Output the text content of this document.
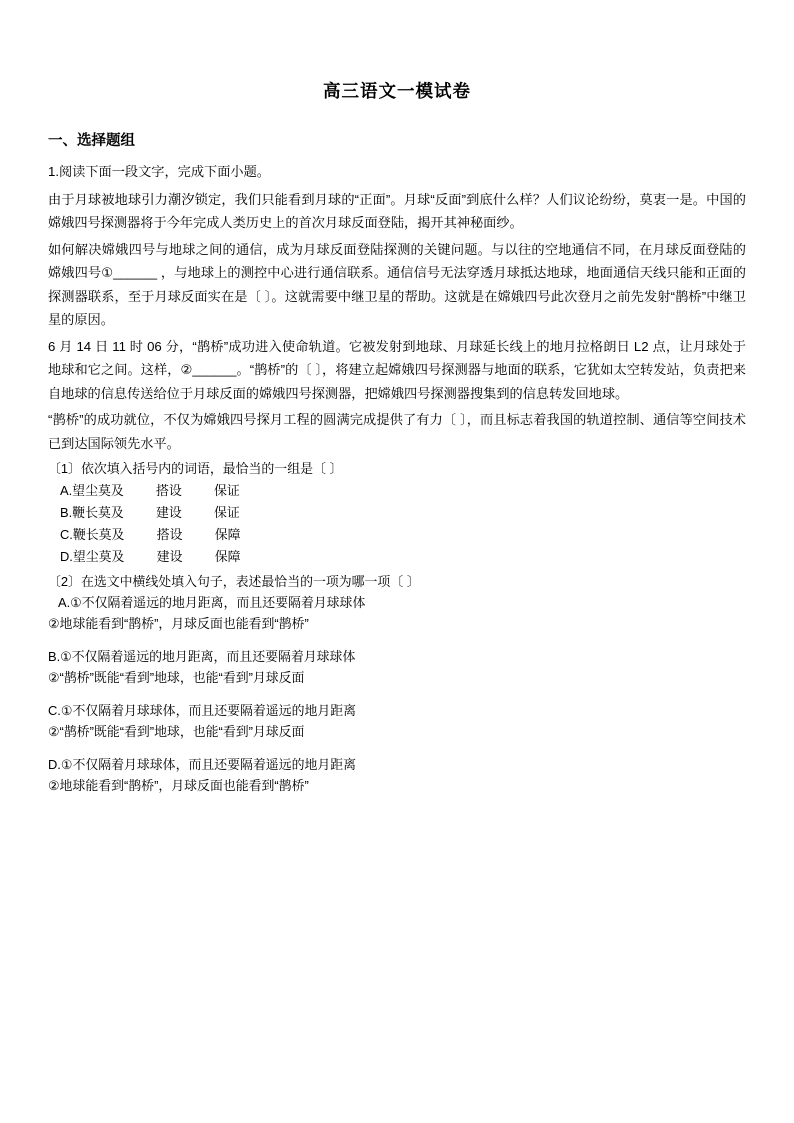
高三语文一模试卷
一、选择题组

1.阅读下面一段文字，完成下面小题。

由于月球被地球引力潮汐锁定，我们只能看到月球的“正面”。月球“反面”到底什么样？人们议论纷纷，莫衷一是。中国的嫦娥四号探测器将于今年完成人类历史上的首次月球反面登陆，揭开其神秘面纱。

如何解决嫦娥四号与地球之间的通信，成为月球反面登陆探测的关键问题。与以往的空地通信不同，在月球反面登陆的嫦娥四号①______ ，与地球上的测控中心进行通信联系。通信信号无法穿透月球抵达地球，地面通信天线只能和正面的探测器联系，至于月球反面实在是〔 〕。这就需要中继卫星的帮助。这就是在嫦娥四号此次登月之前先发射“鹊桥”中继卫星的原因。

6 月 14 日 11 时 06 分，“鹊桥”成功进入使命轨道。它被发射到地球、月球延长线上的地月拉格朗日 L2 点，让月球处于地球和它之间。这样，②______。“鹊桥”的〔 〕，将建立起嫦娥四号探测器与地面的联系，它犹如太空转发站，负责把来自地球的信息传送给位于月球反面的嫦娥四号探测器，把嫦娥四号探测器搜集到的信息转发回地球。

“鹊桥”的成功就位，不仅为嫦娥四号探月工程的圆满完成提供了有力〔 〕，而且标志着我国的轨道控制、通信等空间技术已到达国际领先水平。

〔1〕依次填入括号内的词语，最恰当的一组是〔 〕

A.望尘莫及         搭设         保证

B.鞭长莫及         建设         保证

C.鞭长莫及         搭设         保障

D.望尘莫及         建设         保障

〔2〕在选文中横线处填入句子，表述最恰当的一项为哪一项〔 〕

A.①不仅隔着遥远的地月距离，而且还要隔着月球球体

②地球能看到“鹊桥”，月球反面也能看到“鹊桥”

B.①不仅隔着遥远的地月距离，而且还要隔着月球球体

②“鹊桥”既能“看到”地球，也能“看到”月球反面

C.①不仅隔着月球球体，而且还要隔着遥远的地月距离

②“鹊桥”既能“看到”地球，也能“看到”月球反面

D.①不仅隔着月球球体，而且还要隔着遥远的地月距离

②地球能看到“鹊桥”，月球反面也能看到“鹊桥”
